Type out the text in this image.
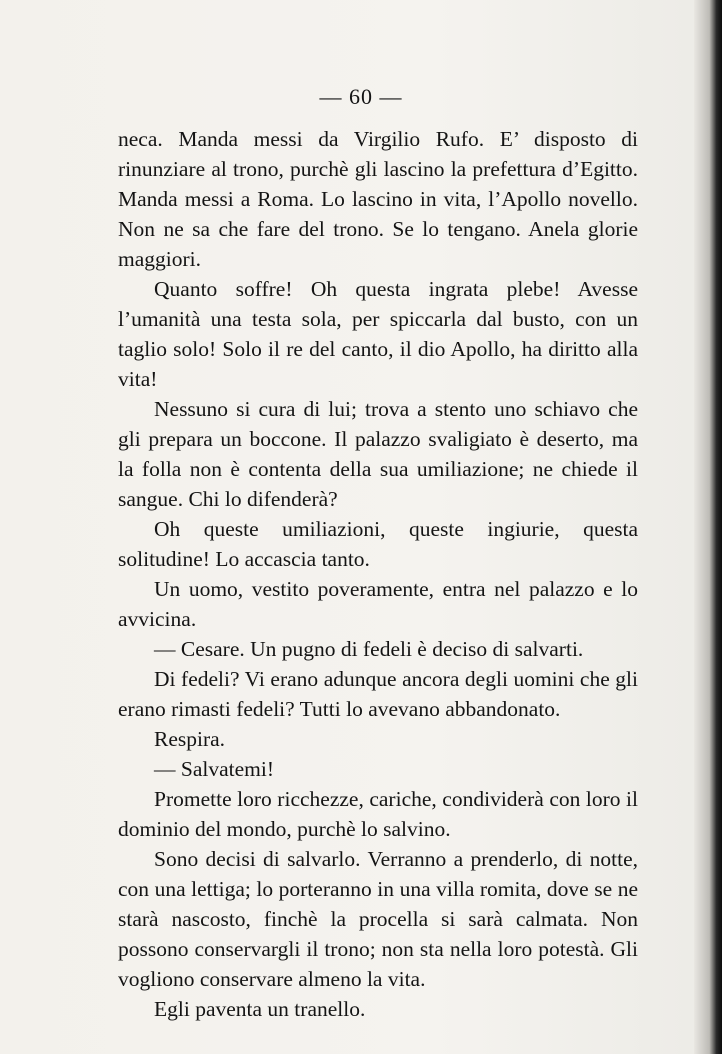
— 60 —

neca. Manda messi da Virgilio Rufo. E’ disposto di rinunziare al trono, purchè gli lascino la prefettura d’Egitto. Manda messi a Roma. Lo lascino in vita, l’Apollo novello. Non ne sa che fare del trono. Se lo tengano. Anela glorie maggiori.

Quanto soffre! Oh questa ingrata plebe! Avesse l’umanità una testa sola, per spiccarla dal busto, con un taglio solo! Solo il re del canto, il dio Apollo, ha diritto alla vita!

Nessuno si cura di lui; trova a stento uno schiavo che gli prepara un boccone. Il palazzo svaligiato è deserto, ma la folla non è contenta della sua umiliazione; ne chiede il sangue. Chi lo difenderà?

Oh queste umiliazioni, queste ingiurie, questa solitudine! Lo accascia tanto.

Un uomo, vestito poveramente, entra nel palazzo e lo avvicina.

— Cesare. Un pugno di fedeli è deciso di salvarti.

Di fedeli? Vi erano adunque ancora degli uomini che gli erano rimasti fedeli? Tutti lo avevano abbandonato.

Respira.

— Salvatemi!

Promette loro ricchezze, cariche, condividerà con loro il dominio del mondo, purchè lo salvino.

Sono decisi di salvarlo. Verranno a prenderlo, di notte, con una lettiga; lo porteranno in una villa romita, dove se ne starà nascosto, finchè la procella si sarà calmata. Non possono conservargli il trono; non sta nella loro potestà. Gli vogliono conservare almeno la vita.

Egli paventa un tranello.
